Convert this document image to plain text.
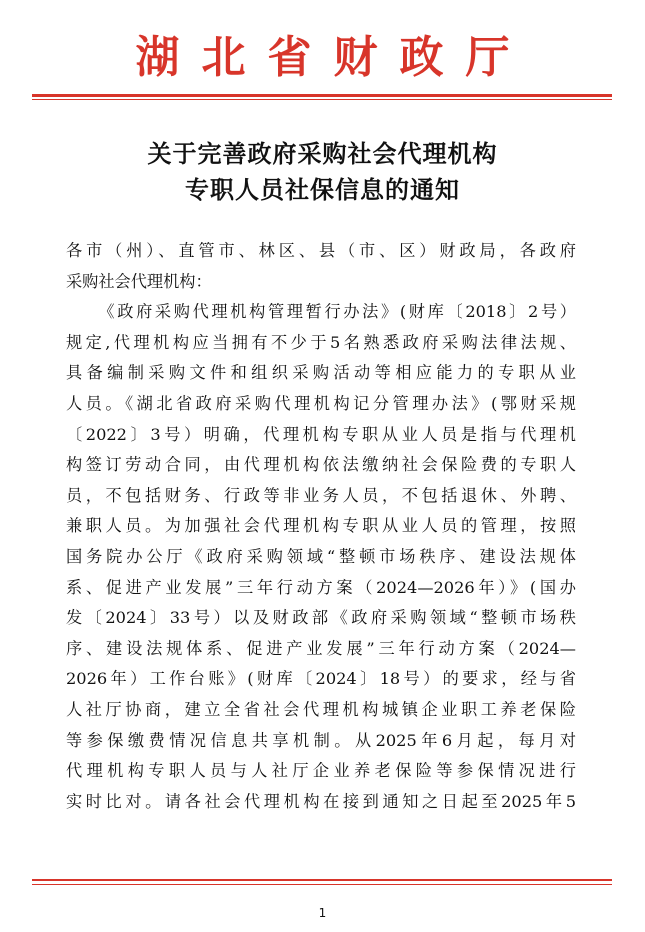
湖北省财政厅
关于完善政府采购社会代理机构
专职人员社保信息的通知
各市（州）、直管市、林区、县（市、区）财政局，各政府
采购社会代理机构：
《政府采购代理机构管理暂行办法》(财库〔2018〕2号）
规定,代理机构应当拥有不少于5名熟悉政府采购法律法规、
具备编制采购文件和组织采购活动等相应能力的专职从业
人员。《湖北省政府采购代理机构记分管理办法》(鄂财采规
〔2022〕3号）明确，代理机构专职从业人员是指与代理机
构签订劳动合同，由代理机构依法缴纳社会保险费的专职人
员，不包括财务、行政等非业务人员，不包括退休、外聘、
兼职人员。为加强社会代理机构专职从业人员的管理，按照
国务院办公厅《政府采购领域“整顿市场秩序、建设法规体
系、促进产业发展”三年行动方案（2024—2026年）》(国办
发〔2024〕33号）以及财政部《政府采购领域“整顿市场秩
序、建设法规体系、促进产业发展”三年行动方案（2024—
2026年）工作台账》(财库〔2024〕18号）的要求，经与省
人社厅协商，建立全省社会代理机构城镇企业职工养老保险
等参保缴费情况信息共享机制。从2025年6月起，每月对
代理机构专职人员与人社厅企业养老保险等参保情况进行
实时比对。请各社会代理机构在接到通知之日起至2025年5
1
